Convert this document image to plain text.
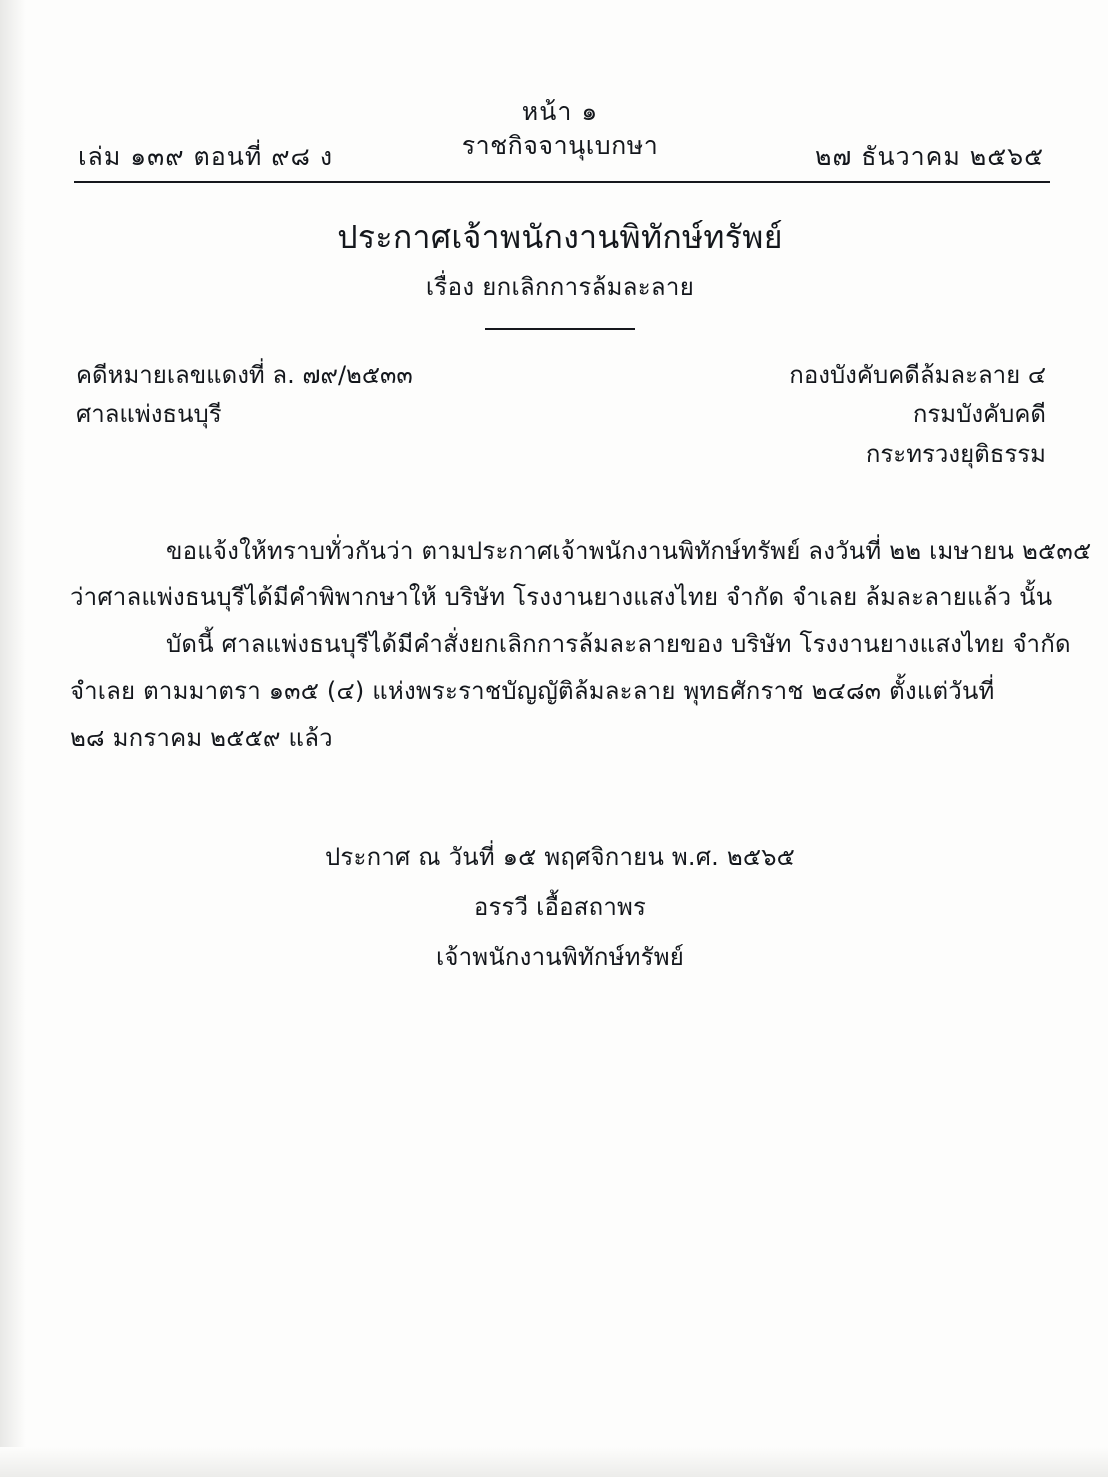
หน้า ๑
ราชกิจจานุเบกษา
เล่ม ๑๓๙ ตอนที่ ๙๘ ง	๒๗ ธันวาคม ๒๕๖๕
ประกาศเจ้าพนักงานพิทักษ์ทรัพย์
เรื่อง ยกเลิกการล้มละลาย
คดีหมายเลขแดงที่ ล. ๗๙/๒๕๓๓
ศาลแพ่งธนบุรี
กองบังคับคดีล้มละลาย ๔
กรมบังคับคดี
กระทรวงยุติธรรม
ขอแจ้งให้ทราบทั่วกันว่า ตามประกาศเจ้าพนักงานพิทักษ์ทรัพย์ ลงวันที่ ๒๒ เมษายน ๒๕๓๕
ว่าศาลแพ่งธนบุรีได้มีคำพิพากษาให้ บริษัท โรงงานยางแสงไทย จำกัด จำเลย ล้มละลายแล้ว นั้น
บัดนี้ ศาลแพ่งธนบุรีได้มีคำสั่งยกเลิกการล้มละลายของ บริษัท โรงงานยางแสงไทย จำกัด
จำเลย ตามมาตรา ๑๓๕ (๔) แห่งพระราชบัญญัติล้มละลาย พุทธศักราช ๒๔๘๓ ตั้งแต่วันที่
๒๘ มกราคม ๒๕๕๙ แล้ว
ประกาศ ณ วันที่ ๑๕ พฤศจิกายน พ.ศ. ๒๕๖๕
อรรวี เอื้อสถาพร
เจ้าพนักงานพิทักษ์ทรัพย์
